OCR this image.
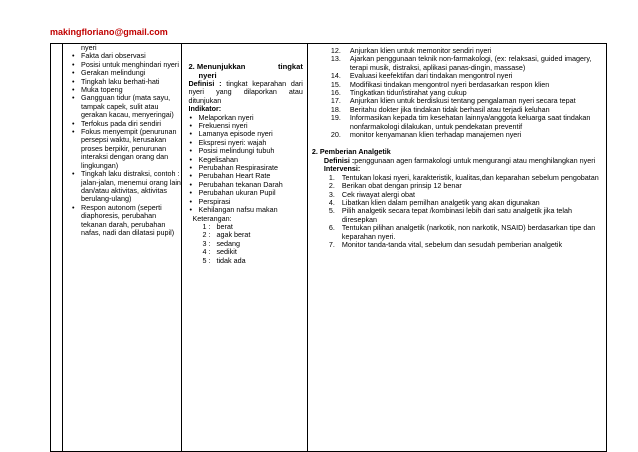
makingfloriano@gmail.com

nyeri
• Fakta dari observasi
• Posisi untuk menghindari nyeri
• Gerakan melindungi
• Tingkah laku berhati-hati
• Muka topeng
• Gangguan tidur (mata sayu, tampak capek, sulit atau gerakan kacau, menyeringai)
• Terfokus pada diri sendiri
• Fokus menyempit (penurunan persepsi waktu, kerusakan proses berpikir, penurunan interaksi dengan orang dan lingkungan)
• Tingkah laku distraksi, contoh : jalan-jalan, menemui orang lain dan/atau aktivitas, aktivitas berulang-ulang)
• Respon autonom (seperti diaphoresis, perubahan tekanan darah, perubahan nafas, nadi dan dilatasi pupil)

2. Menunjukkan	tingkat
nyeri
Definisi : tingkat keparahan dari nyeri yang dilaporkan atau ditunjukan
Indikator:
• Melaporkan nyeri
• Frekuensi nyeri
• Lamanya episode nyeri
• Ekspresi nyeri: wajah
• Posisi melindungi tubuh
• Kegelisahan
• Perubahan Respirasirate
• Perubahan Heart Rate
• Perubahan tekanan Darah
• Perubahan ukuran Pupil
• Perspirasi
• Kehilangan nafsu makan
Keterangan:
1 : berat
2 : agak berat
3 : sedang
4 : sedikit
5 : tidak ada

12. Anjurkan klien untuk memonitor sendiri nyeri
13. Ajarkan penggunaan teknik non-farmakologi, (ex: relaksasi, guided imagery, terapi musik, distraksi, aplikasi panas-dingin, massase)
14. Evaluasi keefektifan dari tindakan mengontrol nyeri
15. Modifikasi tindakan mengontrol nyeri berdasarkan respon klien
16. Tingkatkan tidur/istirahat yang cukup
17. Anjurkan klien untuk berdiskusi tentang pengalaman nyeri secara tepat
18. Beritahu dokter jika tindakan tidak berhasil atau terjadi keluhan
19. Informasikan kepada tim kesehatan lainnya/anggota keluarga saat tindakan nonfarmakologi dilakukan, untuk pendekatan preventif
20. monitor kenyamanan klien terhadap manajemen nyeri
2. Pemberian Analgetik
Definisi :penggunaan agen farmakologi untuk mengurangi atau menghilangkan nyeri
Intervensi:
1. Tentukan lokasi nyeri, karakteristik, kualitas,dan keparahan sebelum pengobatan
2. Berikan obat dengan prinsip 12 benar
3. Cek riwayat alergi obat
4. Libatkan klien dalam pemilhan analgetik yang akan digunakan
5. Pilih analgetik secara tepat /kombinasi lebih dari satu analgetik jika telah diresepkan
6. Tentukan pilihan analgetik (narkotik, non narkotik, NSAID) berdasarkan tipe dan keparahan nyeri.
7. Monitor tanda-tanda vital, sebelum dan sesudah pemberian analgetik
